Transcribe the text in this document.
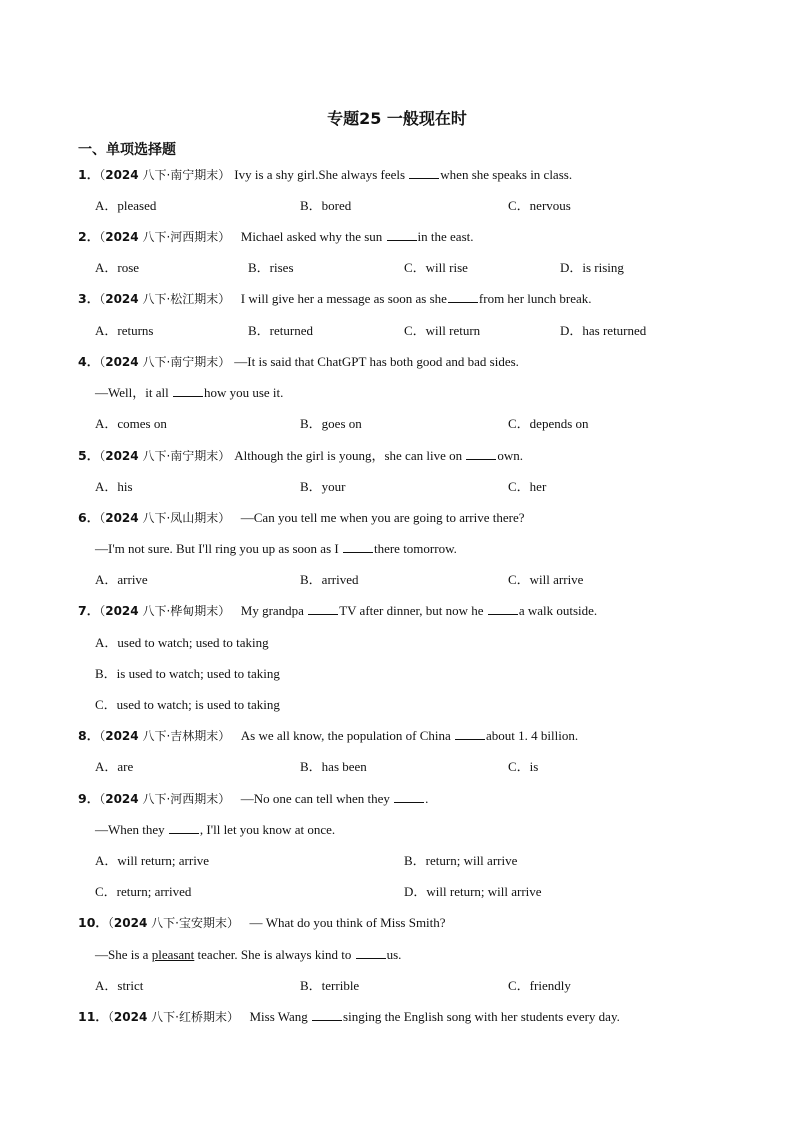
专题25 一般现在时
一、单项选择题
1．（2024 八下·南宁期末） Ivy is a shy girl.She always feels when she speaks in class.
A．pleased	B．bored	C．nervous
2．（2024 八下·河西期末） Michael asked why the sun in the east.
A．rose	B．rises	C．will rise	D．is rising
3．（2024 八下·松江期末） I will give her a message as soon as she from her lunch break.
A．returns	B．returned	C．will return	D．has returned
4．（2024 八下·南宁期末） —It is said that ChatGPT has both good and bad sides.
—Well，it all how you use it.
A．comes on	B．goes on	C．depends on
5．（2024 八下·南宁期末） Although the girl is young，she can live on own.
A．his	B．your	C．her
6．（2024 八下·凤山期末） —Can you tell me when you are going to arrive there?
—I'm not sure. But I'll ring you up as soon as I there tomorrow.
A．arrive	B．arrived	C．will arrive
7．（2024 八下·桦甸期末） My grandpa TV after dinner, but now he a walk outside.
A．used to watch; used to taking
B．is used to watch; used to taking
C．used to watch; is used to taking
8．（2024 八下·吉林期末） As we all know, the population of China about 1. 4 billion.
A．are	B．has been	C．is
9．（2024 八下·河西期末） —No one can tell when they .
—When they , I'll let you know at once.
A．will return; arrive	B．return; will arrive
C．return; arrived	D．will return; will arrive
10．（2024 八下·宝安期末） — What do you think of Miss Smith?
—She is a pleasant teacher. She is always kind to us.
A．strict	B．terrible	C．friendly
11．（2024 八下·红桥期末） Miss Wang singing the English song with her students every day.
